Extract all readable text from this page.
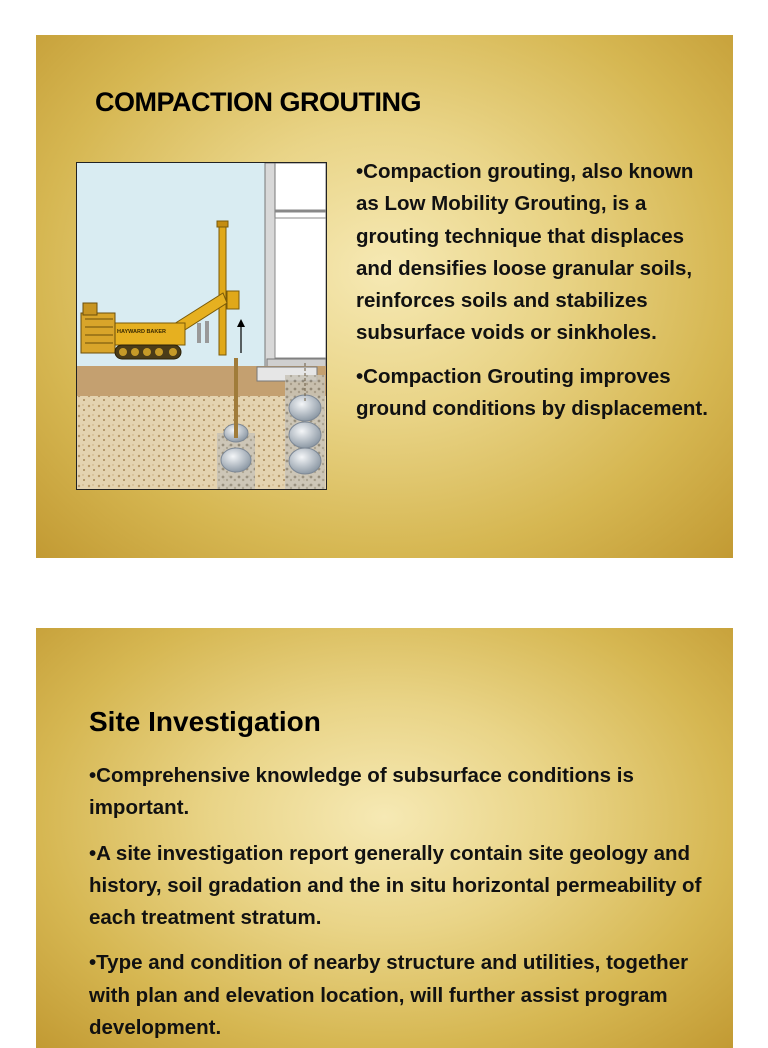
COMPACTION GROUTING
HAYWARD BAKER

•Compaction grouting, also known as Low Mobility Grouting, is a grouting technique that displaces and densifies loose granular soils, reinforces soils and stabilizes subsurface voids or sinkholes.

•Compaction Grouting improves ground conditions by displacement.

Site Investigation

•Comprehensive knowledge of subsurface conditions is important.

•A site investigation report generally contain site geology and history, soil gradation and the in situ horizontal permeability of each treatment stratum.

•Type and condition of nearby structure and utilities, together with plan and elevation location, will further assist program development.
